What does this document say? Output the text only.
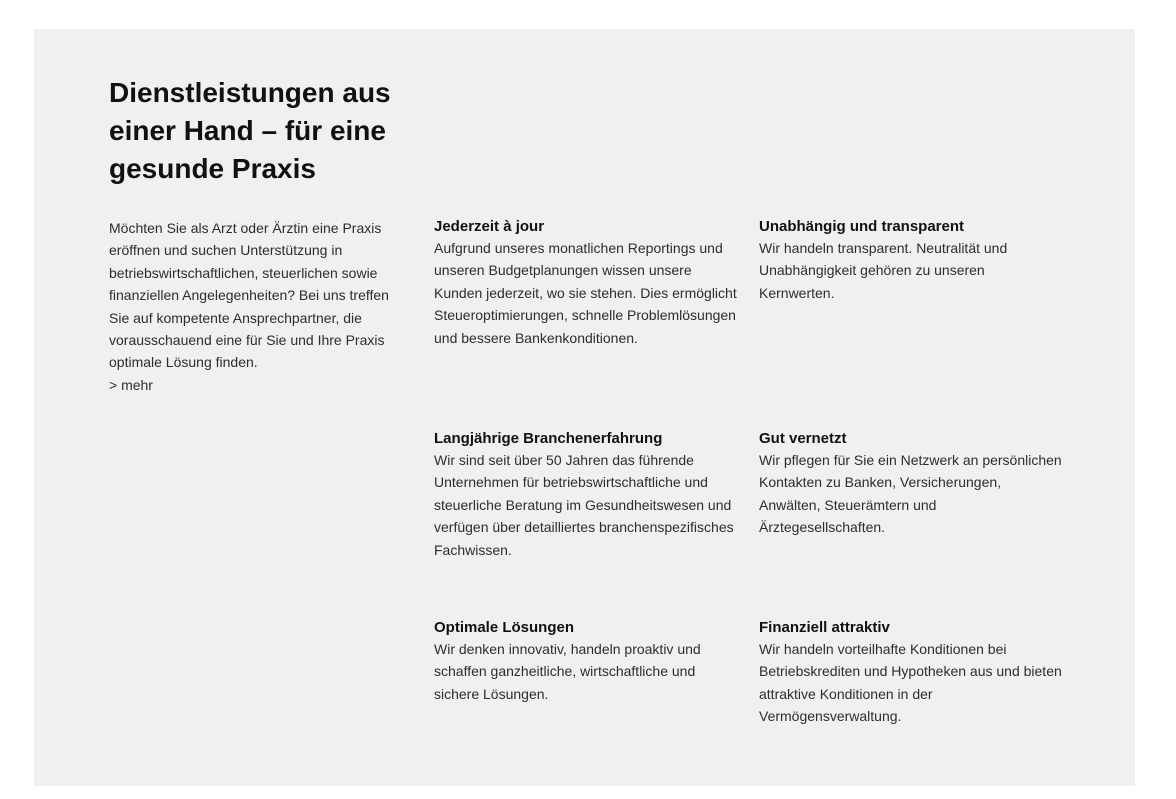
Dienstleistungen aus einer Hand – für eine gesunde Praxis

Möchten Sie als Arzt oder Ärztin eine Praxis eröffnen und suchen Unterstützung in betriebswirtschaftlichen, steuerlichen sowie finanziellen Angelegenheiten? Bei uns treffen Sie auf kompetente Ansprechpartner, die vorausschauend eine für Sie und Ihre Praxis optimale Lösung finden.

> mehr
Jederzeit à jour

Aufgrund unseres monatlichen Reportings und unseren Budgetplanungen wissen unsere Kunden jederzeit, wo sie stehen. Dies ermöglicht Steueroptimierungen, schnelle Problemlösungen und bessere Bankenkonditionen.

Unabhängig und transparent

Wir handeln transparent. Neutralität und Unabhängigkeit gehören zu unseren Kernwerten.

Langjährige Branchenerfahrung

Wir sind seit über 50 Jahren das führende Unternehmen für betriebswirtschaftliche und steuerliche Beratung im Gesundheitswesen und verfügen über detailliertes branchenspezifisches Fachwissen.

Gut vernetzt

Wir pflegen für Sie ein Netzwerk an persönlichen Kontakten zu Banken, Versicherungen, Anwälten, Steuerämtern und Ärztegesellschaften.

Optimale Lösungen

Wir denken innovativ, handeln proaktiv und schaffen ganzheitliche, wirtschaftliche und sichere Lösungen.

Finanziell attraktiv

Wir handeln vorteilhafte Konditionen bei Betriebskrediten und Hypotheken aus und bieten attraktive Konditionen in der Vermögensverwaltung.
